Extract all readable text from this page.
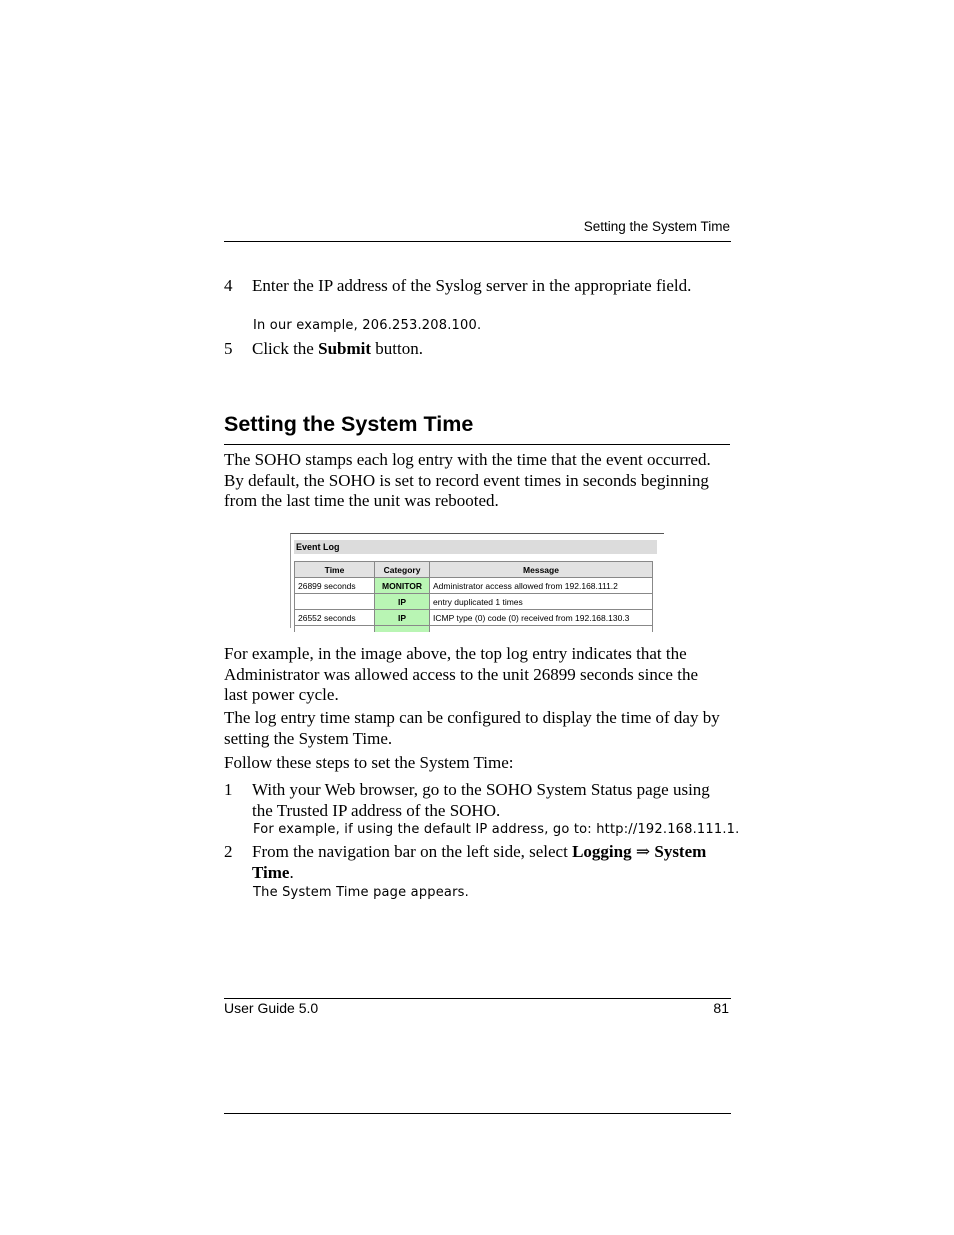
Setting the System Time
4 Enter the IP address of the Syslog server in the appropriate field.
In our example, 206.253.208.100.
5 Click the Submit button.
Setting the System Time
The SOHO stamps each log entry with the time that the event occurred. By default, the SOHO is set to record event times in seconds beginning from the last time the unit was rebooted.
Event Log
Time	Category	Message
26899 seconds	MONITOR	Administrator access allowed from 192.168.111.2
	IP	entry duplicated 1 times
26552 seconds	IP	ICMP type (0) code (0) received from 192.168.130.3

For example, in the image above, the top log entry indicates that the Administrator was allowed access to the unit 26899 seconds since the last power cycle.
The log entry time stamp can be configured to display the time of day by setting the System Time.
Follow these steps to set the System Time:
1 With your Web browser, go to the SOHO System Status page using the Trusted IP address of the SOHO.
For example, if using the default IP address, go to: http://192.168.111.1.
2 From the navigation bar on the left side, select Logging ⇒ System Time.
The System Time page appears.
User Guide 5.0	81
